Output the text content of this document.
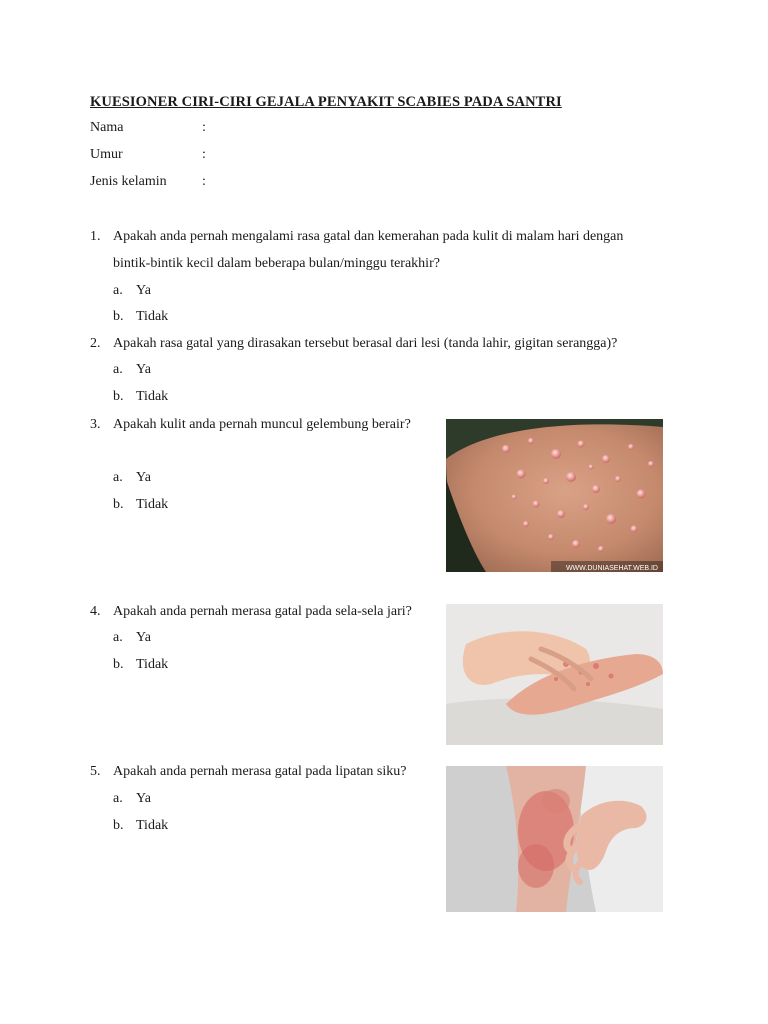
KUESIONER CIRI-CIRI GEJALA PENYAKIT SCABIES PADA SANTRI
Nama	:
Umur	:
Jenis kelamin	:
1. Apakah anda pernah mengalami rasa gatal dan kemerahan pada kulit di malam hari dengan
bintik-bintik kecil dalam beberapa bulan/minggu terakhir?
a. Ya
b. Tidak
2. Apakah rasa gatal yang dirasakan tersebut berasal dari lesi (tanda lahir, gigitan serangga)?
a. Ya
b. Tidak
3. Apakah kulit anda pernah muncul gelembung berair?
a. Ya
b. Tidak
WWW.DUNIASEHAT.WEB.ID
4. Apakah anda pernah merasa gatal pada sela-sela jari?
a. Ya
b. Tidak
5. Apakah anda pernah merasa gatal pada lipatan siku?
a. Ya
b. Tidak
